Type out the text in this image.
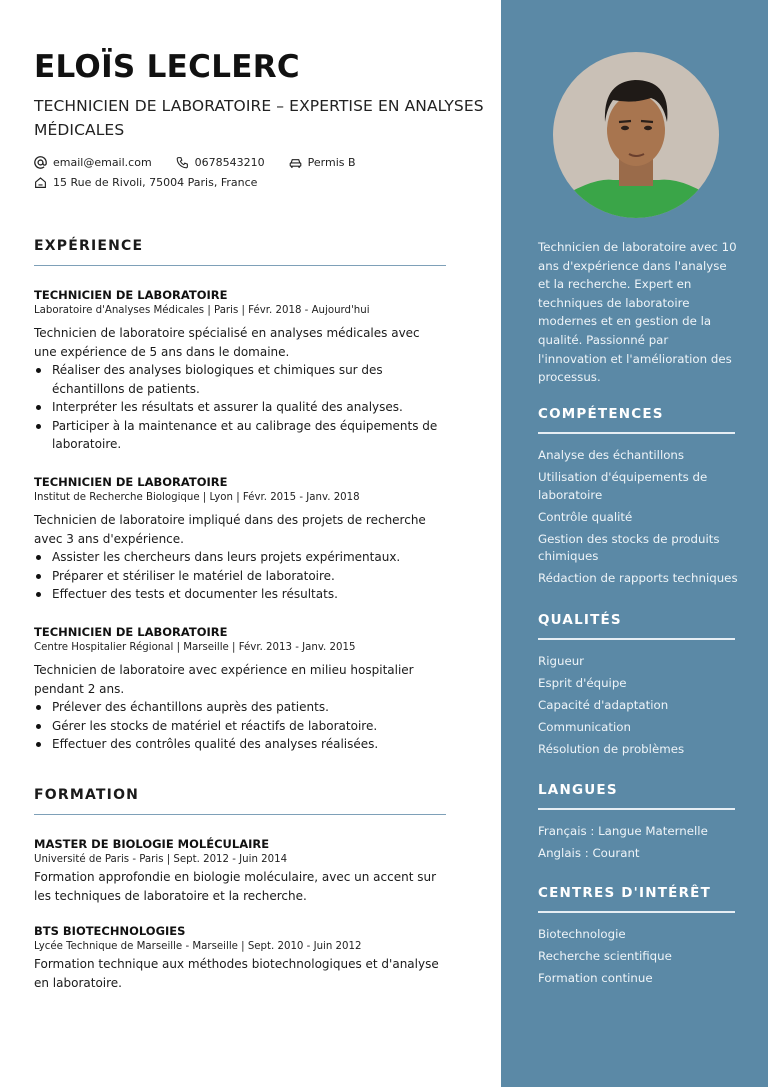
ELOÏS LECLERC
TECHNICIEN DE LABORATOIRE – EXPERTISE EN ANALYSES MÉDICALES
email@email.com	0678543210	Permis B
15 Rue de Rivoli, 75004 Paris, France
EXPÉRIENCE
TECHNICIEN DE LABORATOIRE
Laboratoire d'Analyses Médicales | Paris | Févr. 2018 - Aujourd'hui
Technicien de laboratoire spécialisé en analyses médicales avec une expérience de 5 ans dans le domaine.
Réaliser des analyses biologiques et chimiques sur des échantillons de patients.
Interpréter les résultats et assurer la qualité des analyses.
Participer à la maintenance et au calibrage des équipements de laboratoire.
TECHNICIEN DE LABORATOIRE
Institut de Recherche Biologique | Lyon | Févr. 2015 - Janv. 2018
Technicien de laboratoire impliqué dans des projets de recherche avec 3 ans d'expérience.
Assister les chercheurs dans leurs projets expérimentaux.
Préparer et stériliser le matériel de laboratoire.
Effectuer des tests et documenter les résultats.
TECHNICIEN DE LABORATOIRE
Centre Hospitalier Régional | Marseille | Févr. 2013 - Janv. 2015
Technicien de laboratoire avec expérience en milieu hospitalier pendant 2 ans.
Prélever des échantillons auprès des patients.
Gérer les stocks de matériel et réactifs de laboratoire.
Effectuer des contrôles qualité des analyses réalisées.
FORMATION
MASTER DE BIOLOGIE MOLÉCULAIRE
Université de Paris - Paris | Sept. 2012 - Juin 2014
Formation approfondie en biologie moléculaire, avec un accent sur les techniques de laboratoire et la recherche.
BTS BIOTECHNOLOGIES
Lycée Technique de Marseille - Marseille | Sept. 2010 - Juin 2012
Formation technique aux méthodes biotechnologiques et d'analyse en laboratoire.
Technicien de laboratoire avec 10 ans d'expérience dans l'analyse et la recherche. Expert en techniques de laboratoire modernes et en gestion de la qualité. Passionné par l'innovation et l'amélioration des processus.
COMPÉTENCES
Analyse des échantillons
Utilisation d'équipements de laboratoire
Contrôle qualité
Gestion des stocks de produits chimiques
Rédaction de rapports techniques
QUALITÉS
Rigueur
Esprit d'équipe
Capacité d'adaptation
Communication
Résolution de problèmes
LANGUES
Français : Langue Maternelle
Anglais : Courant
CENTRES D'INTÉRÊT
Biotechnologie
Recherche scientifique
Formation continue
